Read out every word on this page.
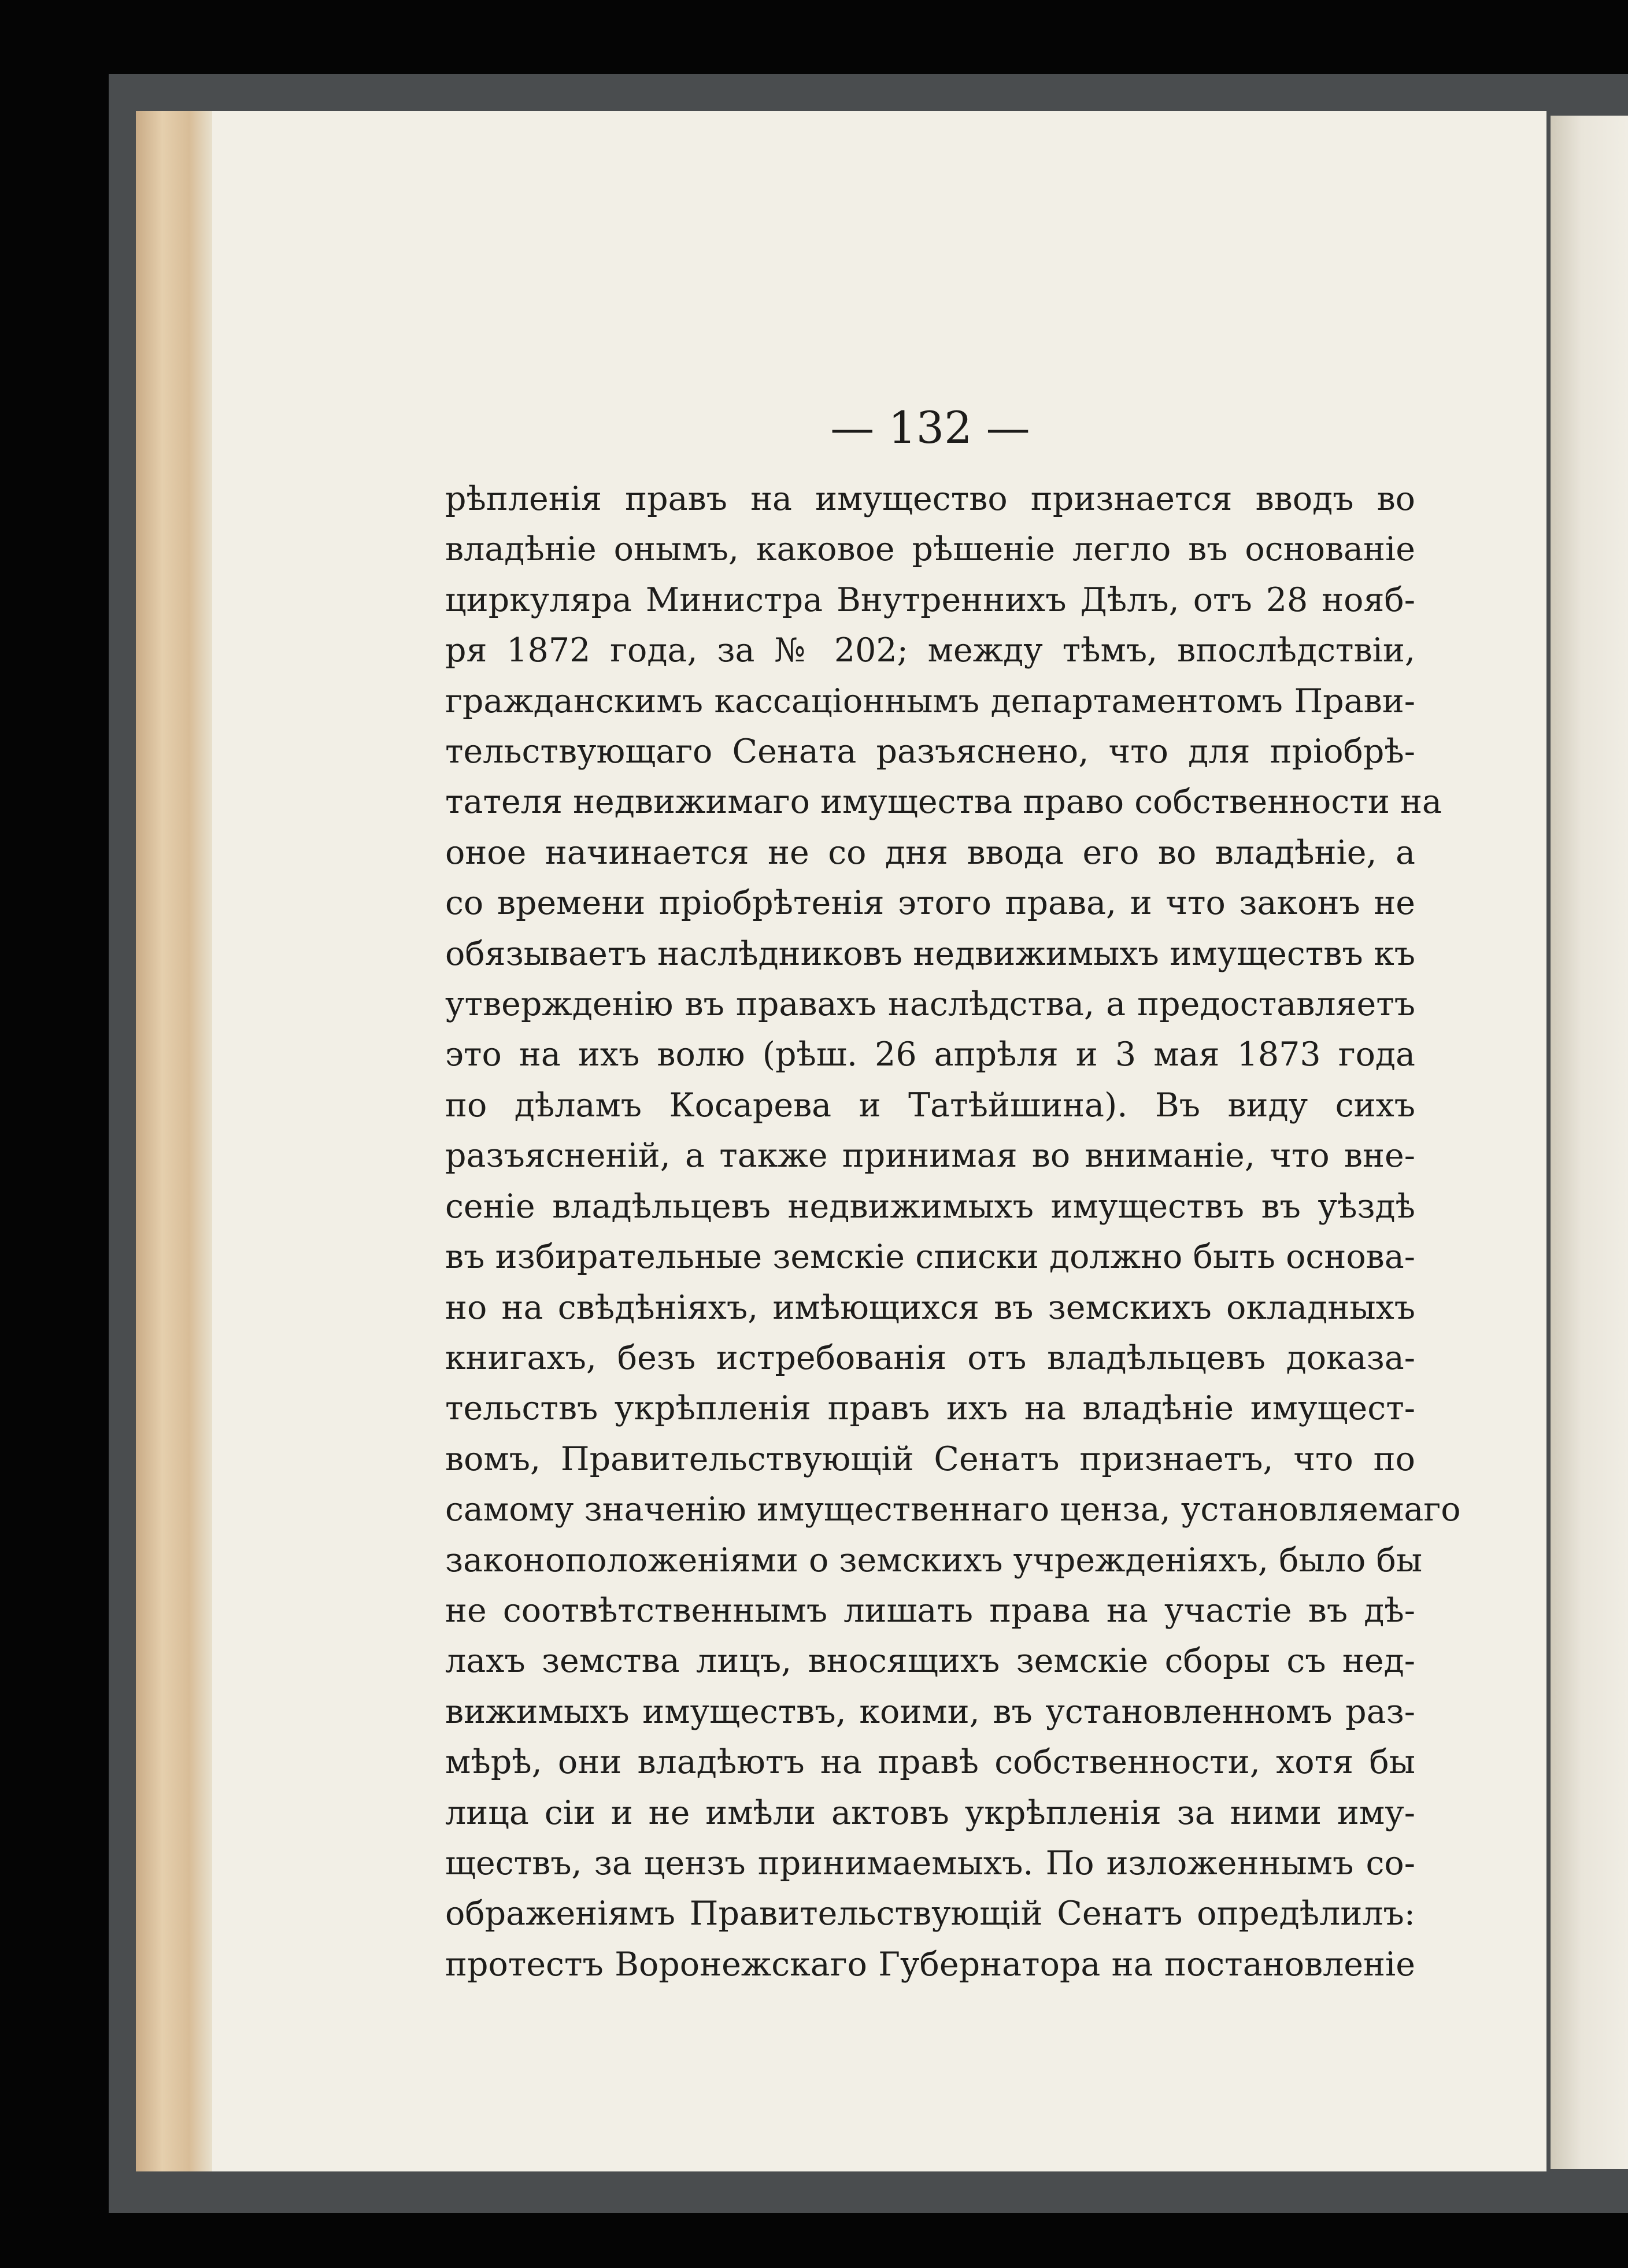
— 132 —
рѣпленія правъ на имущество признается вводъ во
владѣніе онымъ, каковое рѣшеніе легло въ основаніе
циркуляра Министра Внутреннихъ Дѣлъ, отъ 28 нояб-
ря 1872 года, за № 202; между тѣмъ, впослѣдствіи,
гражданскимъ кассаціоннымъ департаментомъ Прави-
тельствующаго Сената разъяснено, что для пріобрѣ-
тателя недвижимаго имущества право собственности на
оное начинается не со дня ввода его во владѣніе, а
со времени пріобрѣтенія этого права, и что законъ не
обязываетъ наслѣдниковъ недвижимыхъ имуществъ къ
утвержденію въ правахъ наслѣдства, а предоставляетъ
это на ихъ волю (рѣш. 26 апрѣля и 3 мая 1873 года
по дѣламъ Косарева и Татѣйшина). Въ виду сихъ
разъясненій, а также принимая во вниманіе, что вне-
сеніе владѣльцевъ недвижимыхъ имуществъ въ уѣздѣ
въ избирательные земскіе списки должно быть основа-
но на свѣдѣніяхъ, имѣющихся въ земскихъ окладныхъ
книгахъ, безъ истребованія отъ владѣльцевъ доказа-
тельствъ укрѣпленія правъ ихъ на владѣніе имущест-
вомъ, Правительствующій Сенатъ признаетъ, что по
самому значенію имущественнаго ценза, установляемаго
законоположеніями о земскихъ учрежденіяхъ, было бы
не соотвѣтственнымъ лишать права на участіе въ дѣ-
лахъ земства лицъ, вносящихъ земскіе сборы съ нед-
вижимыхъ имуществъ, коими, въ установленномъ раз-
мѣрѣ, они владѣютъ на правѣ собственности, хотя бы
лица сіи и не имѣли актовъ укрѣпленія за ними иму-
ществъ, за цензъ принимаемыхъ. По изложеннымъ со-
ображеніямъ Правительствующій Сенатъ опредѣлилъ:
протестъ Воронежскаго Губернатора на постановленіе
